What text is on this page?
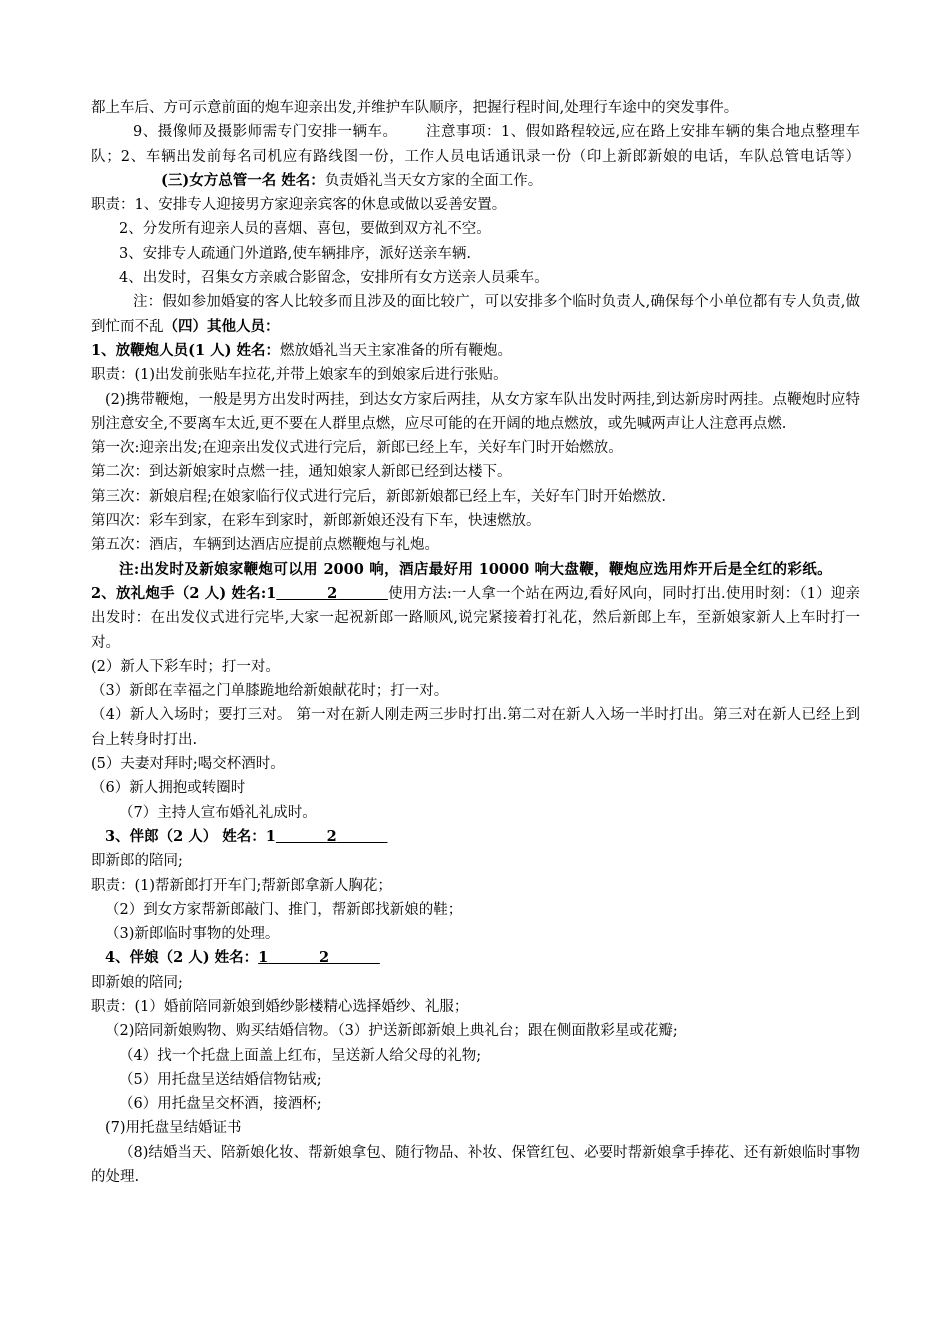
都上车后、方可示意前面的炮车迎亲出发,并维护车队顺序，把握行程时间,处理行车途中的突发事件。

9、摄像师及摄影师需专门安排一辆车。 注意事项：1、假如路程较远,应在路上安排车辆的集合地点整理车队；2、车辆出发前每名司机应有路线图一份，工作人员电话通讯录一份（印上新郎新娘的电话，车队总管电话等）(三)女方总管一名 姓名：负责婚礼当天女方家的全面工作。

职责：1、安排专人迎接男方家迎亲宾客的休息或做以妥善安置。

2、分发所有迎亲人员的喜烟、喜包，要做到双方礼不空。

3、安排专人疏通门外道路,使车辆排序，派好送亲车辆.

4、出发时，召集女方亲戚合影留念，安排所有女方送亲人员乘车。

注：假如参加婚宴的客人比较多而且涉及的面比较广，可以安排多个临时负责人,确保每个小单位都有专人负责,做到忙而不乱（四）其他人员：

1、放鞭炮人员(1 人) 姓名：燃放婚礼当天主家准备的所有鞭炮。

职责：(1)出发前张贴车拉花,并带上娘家车的到娘家后进行张贴。

(2)携带鞭炮，一般是男方出发时两挂，到达女方家后两挂，从女方家车队出发时两挂,到达新房时两挂。点鞭炮时应特别注意安全,不要离车太近,更不要在人群里点燃，应尽可能的在开阔的地点燃放，或先喊两声让人注意再点燃.

第一次:迎亲出发;在迎亲出发仪式进行完后，新郎已经上车，关好车门时开始燃放。

第二次：到达新娘家时点燃一挂，通知娘家人新郎已经到达楼下。

第三次：新娘启程;在娘家临行仪式进行完后，新郎新娘都已经上车，关好车门时开始燃放.

第四次：彩车到家，在彩车到家时，新郎新娘还没有下车，快速燃放。

第五次：酒店，车辆到达酒店应提前点燃鞭炮与礼炮。

注:出发时及新娘家鞭炮可以用 2000 响，酒店最好用 10000 响大盘鞭，鞭炮应选用炸开后是全红的彩纸。2、放礼炮手（2 人) 姓名:1    	2    	使用方法:一人拿一个站在两边,看好风向，同时打出.使用时刻：（1）迎亲出发时：在出发仪式进行完毕,大家一起祝新郎一路顺风,说完紧接着打礼花，然后新郎上车，至新娘家新人上车时打一对。

(2）新人下彩车时；打一对。

（3）新郎在幸福之门单膝跪地给新娘献花时；打一对。

（4）新人入场时；要打三对。 第一对在新人刚走两三步时打出.第二对在新人入场一半时打出。第三对在新人已经上到台上转身时打出.

(5）夫妻对拜时;喝交杯酒时。

（6）新人拥抱或转圈时

（7）主持人宣布婚礼礼成时。

3、伴郎（2 人） 姓名：1    	2    

即新郎的陪同;

职责：(1)帮新郎打开车门;帮新郎拿新人胸花；

（2）到女方家帮新郎敲门、推门，帮新郎找新娘的鞋；

（3)新郎临时事物的处理。

4、伴娘（2 人) 姓名：1    	2    

即新娘的陪同;

职责：(1）婚前陪同新娘到婚纱影楼精心选择婚纱、礼服；

（2)陪同新娘购物、购买结婚信物。（3）护送新郎新娘上典礼台；跟在侧面散彩星或花瓣;

（4）找一个托盘上面盖上红布，呈送新人给父母的礼物;

（5）用托盘呈送结婚信物钻戒;

（6）用托盘呈交杯酒，接酒杯;

(7)用托盘呈结婚证书

（8)结婚当天、陪新娘化妆、帮新娘拿包、随行物品、补妆、保管红包、必要时帮新娘拿手捧花、还有新娘临时事物的处理.
